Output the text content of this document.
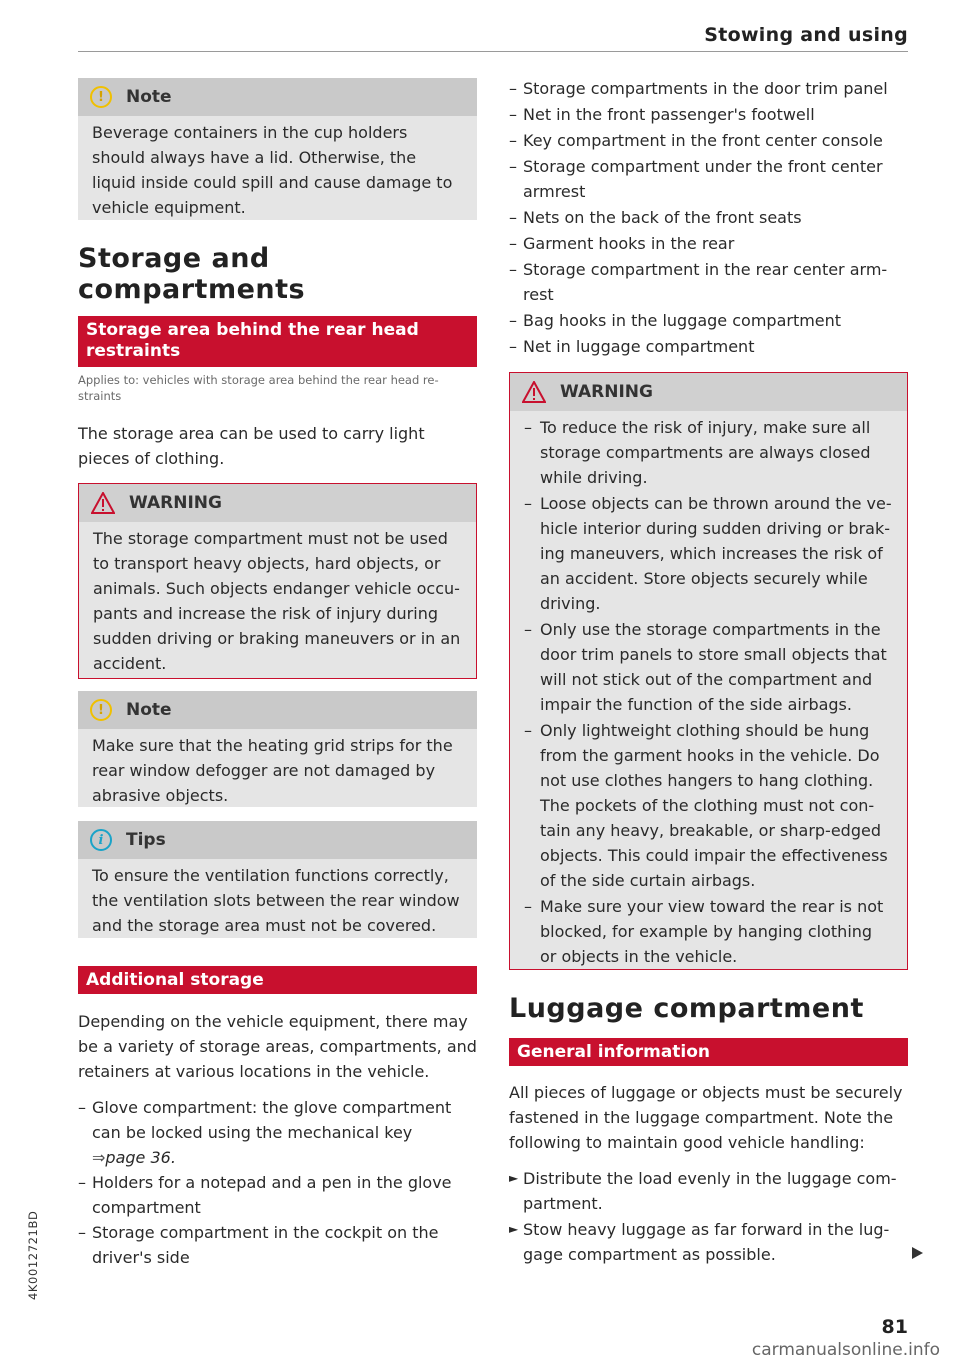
Stowing and using
!	Note
Beverage containers in the cup holders should always have a lid. Otherwise, the liquid inside could spill and cause damage to vehicle equipment.
Storage and
compartments
Storage area behind the rear head
restraints
Applies to: vehicles with storage area behind the rear head re-straints
The storage area can be used to carry light pieces of clothing.
WARNING
The storage compartment must not be used to transport heavy objects, hard objects, or animals. Such objects endanger vehicle occu-pants and increase the risk of injury during sudden driving or braking maneuvers or in an accident.
!	Note
Make sure that the heating grid strips for the rear window defogger are not damaged by abrasive objects.
i	Tips
To ensure the ventilation functions correctly, the ventilation slots between the rear window and the storage area must not be covered.
Additional storage
Depending on the vehicle equipment, there may be a variety of storage areas, compartments, and retainers at various locations in the vehicle.
– Glove compartment: the glove compartment can be locked using the mechanical key
⇒page 36.
– Holders for a notepad and a pen in the glove compartment
– Storage compartment in the cockpit on the driver's side
– Storage compartments in the door trim panel
– Net in the front passenger's footwell
– Key compartment in the front center console
– Storage compartment under the front center armrest
– Nets on the back of the front seats
– Garment hooks in the rear
– Storage compartment in the rear center arm-rest
– Bag hooks in the luggage compartment
– Net in luggage compartment
WARNING
– To reduce the risk of injury, make sure all storage compartments are always closed while driving.
– Loose objects can be thrown around the ve-hicle interior during sudden driving or brak-ing maneuvers, which increases the risk of an accident. Store objects securely while driving.
– Only use the storage compartments in the door trim panels to store small objects that will not stick out of the compartment and impair the function of the side airbags.
– Only lightweight clothing should be hung from the garment hooks in the vehicle. Do not use clothes hangers to hang clothing. The pockets of the clothing must not con-tain any heavy, breakable, or sharp-edged objects. This could impair the effectiveness of the side curtain airbags.
– Make sure your view toward the rear is not blocked, for example by hanging clothing or objects in the vehicle.
Luggage compartment
General information
All pieces of luggage or objects must be securely fastened in the luggage compartment. Note the following to maintain good vehicle handling:
► Distribute the load evenly in the luggage com-partment.
► Stow heavy luggage as far forward in the lug-gage compartment as possible.
4K0012721BD
81
carmanualsonline.info
